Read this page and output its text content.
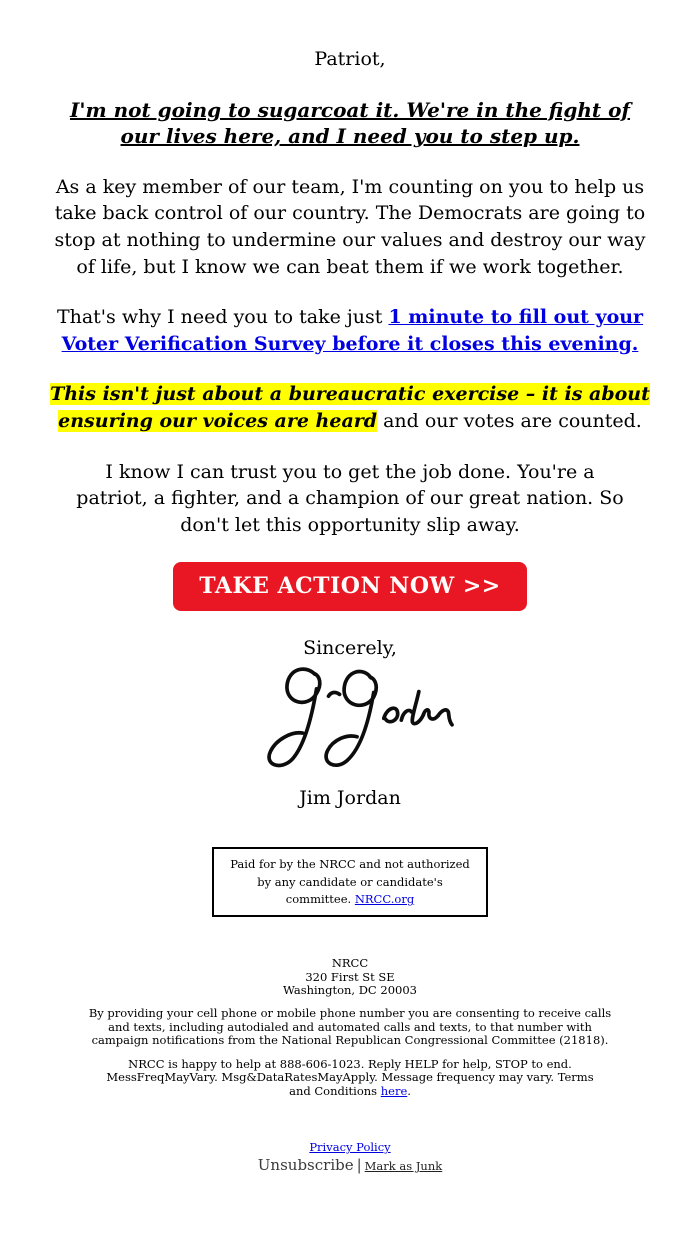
Patriot,

I'm not going to sugarcoat it. We're in the fight of our lives here, and I need you to step up.

As a key member of our team, I'm counting on you to help us take back control of our country. The Democrats are going to stop at nothing to undermine our values and destroy our way of life, but I know we can beat them if we work together.

That's why I need you to take just 1 minute to fill out your Voter Verification Survey before it closes this evening.

This isn't just about a bureaucratic exercise – it is about ensuring our voices are heard and our votes are counted.

I know I can trust you to get the job done. You're a patriot, a fighter, and a champion of our great nation. So don't let this opportunity slip away.

TAKE ACTION NOW >>

Sincerely,

Jim Jordan

Paid for by the NRCC and not authorized by any candidate or candidate's committee. NRCC.org
NRCC
320 First St SE
Washington, DC 20003
By providing your cell phone or mobile phone number you are consenting to receive calls and texts, including autodialed and automated calls and texts, to that number with campaign notifications from the National Republican Congressional Committee (21818).
NRCC is happy to help at 888-606-1023. Reply HELP for help, STOP to end. MessFreqMayVary. Msg&DataRatesMayApply. Message frequency may vary. Terms and Conditions here.
Privacy Policy
Unsubscribe | Mark as Junk
